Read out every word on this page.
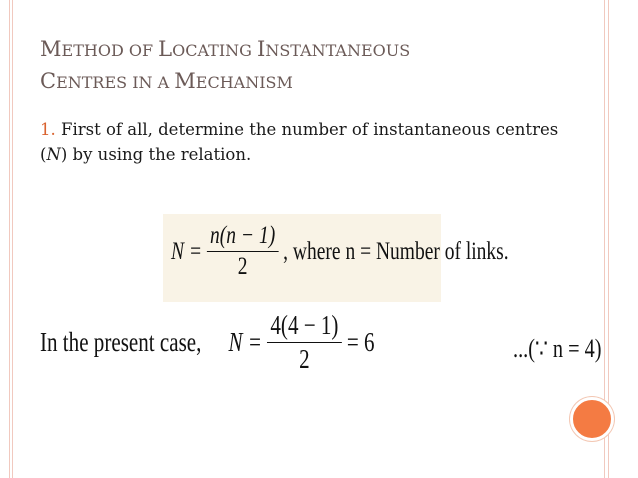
METHOD OF LOCATING INSTANTANEOUS
CENTRES IN A MECHANISM
1. First of all, determine the number of instantaneous centres (N) by using the relation.
$N = \frac{n(n - 1)}{2}$ , where n = Number of links.
In the present case, $N = \frac{4(4 - 1)}{2} = 6$	...(∵ n = 4)
